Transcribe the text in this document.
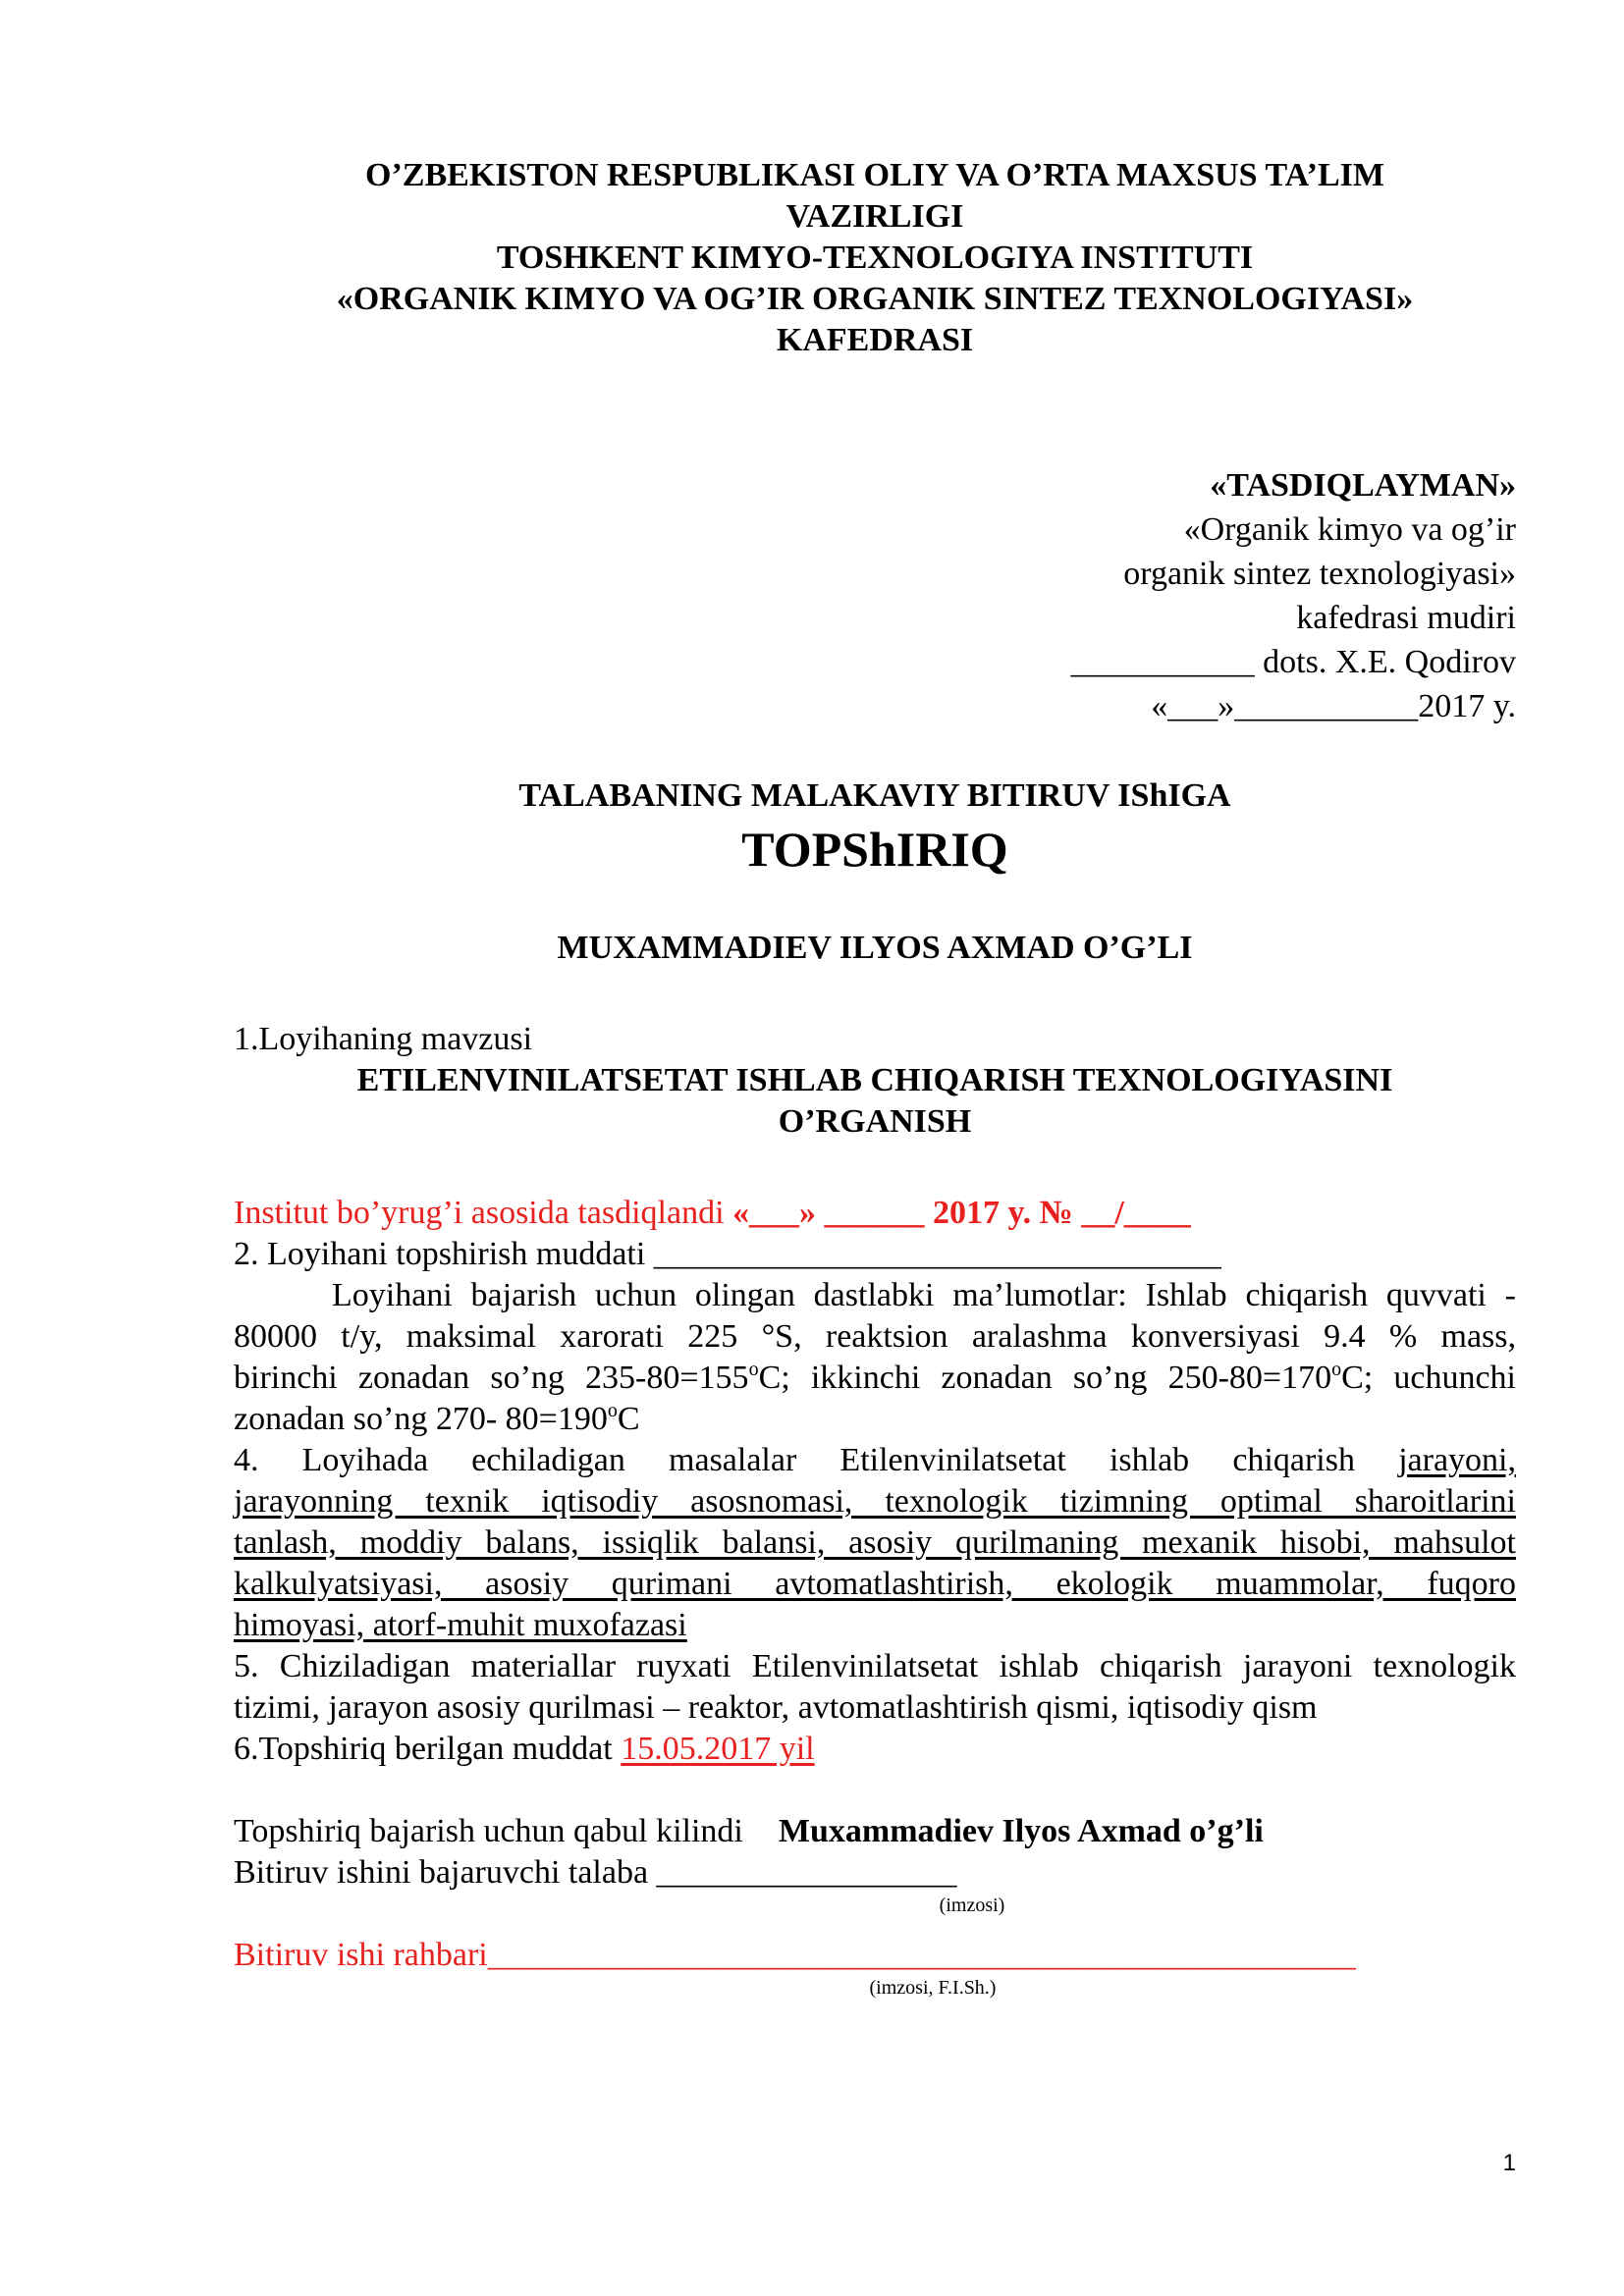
O’ZBEKISTON RESPUBLIKASI OLIY VA O’RTA MAXSUS TA’LIM
VAZIRLIGI
TOSHKENT KIMYO-TEXNOLOGIYA INSTITUTI
«ORGANIK KIMYO VA OG’IR ORGANIK SINTEZ TEXNOLOGIYASI»
KAFEDRASI
«TASDIQLAYMAN»
«Organik kimyo va og’ir
organik sintez texnologiyasi»
kafedrasi mudiri
___________ dots. X.E. Qodirov
«___»___________2017 y.
TALABANING MALAKAVIY BITIRUV IShIGA
TOPShIRIQ
MUXAMMADIEV ILYOS AXMAD O’G’LI
1.Loyihaning mavzusi
ETILENVINILATSETAT ISHLAB CHIQARISH TEXNOLOGIYASINI
O’RGANISH
Institut bo’yrug’i asosida tasdiqlandi «___» ______ 2017 y. № __/____
2. Loyihani topshirish muddati __________________________________
Loyihani bajarish uchun olingan dastlabki ma’lumotlar: Ishlab chiqarish quvvati -
80000 t/y, maksimal xarorati 225 °S, reaktsion aralashma konversiyasi 9.4 % mass,
birinchi zonadan so’ng $235-80=155^oC$; ikkinchi zonadan so’ng $250-80=170^oC$; uchunchi
zonadan so’ng 270- $80=190^oC$
4. Loyihada echiladigan masalalar Etilenvinilatsetat ishlab chiqarish jarayoni,
jarayonning texnik iqtisodiy asosnomasi, texnologik tizimning optimal sharoitlarini
tanlash, moddiy balans, issiqlik balansi, asosiy qurilmaning mexanik hisobi, mahsulot
kalkulyatsiyasi, asosiy qurimani avtomatlashtirish, ekologik muammolar, fuqoro
himoyasi, atorf-muhit muxofazasi
5. Chiziladigan materiallar ruyxati Etilenvinilatsetat ishlab chiqarish jarayoni texnologik
tizimi, jarayon asosiy qurilmasi – reaktor, avtomatlashtirish qismi, iqtisodiy qism
6.Topshiriq berilgan muddat 15.05.2017 yil
Topshiriq bajarish uchun qabul kilindi Muxammadiev Ilyos Axmad o’g’li
Bitiruv ishini bajaruvchi talaba __________________
(imzosi)
Bitiruv ishi rahbari____________________________________________________
(imzosi, F.I.Sh.)
1
